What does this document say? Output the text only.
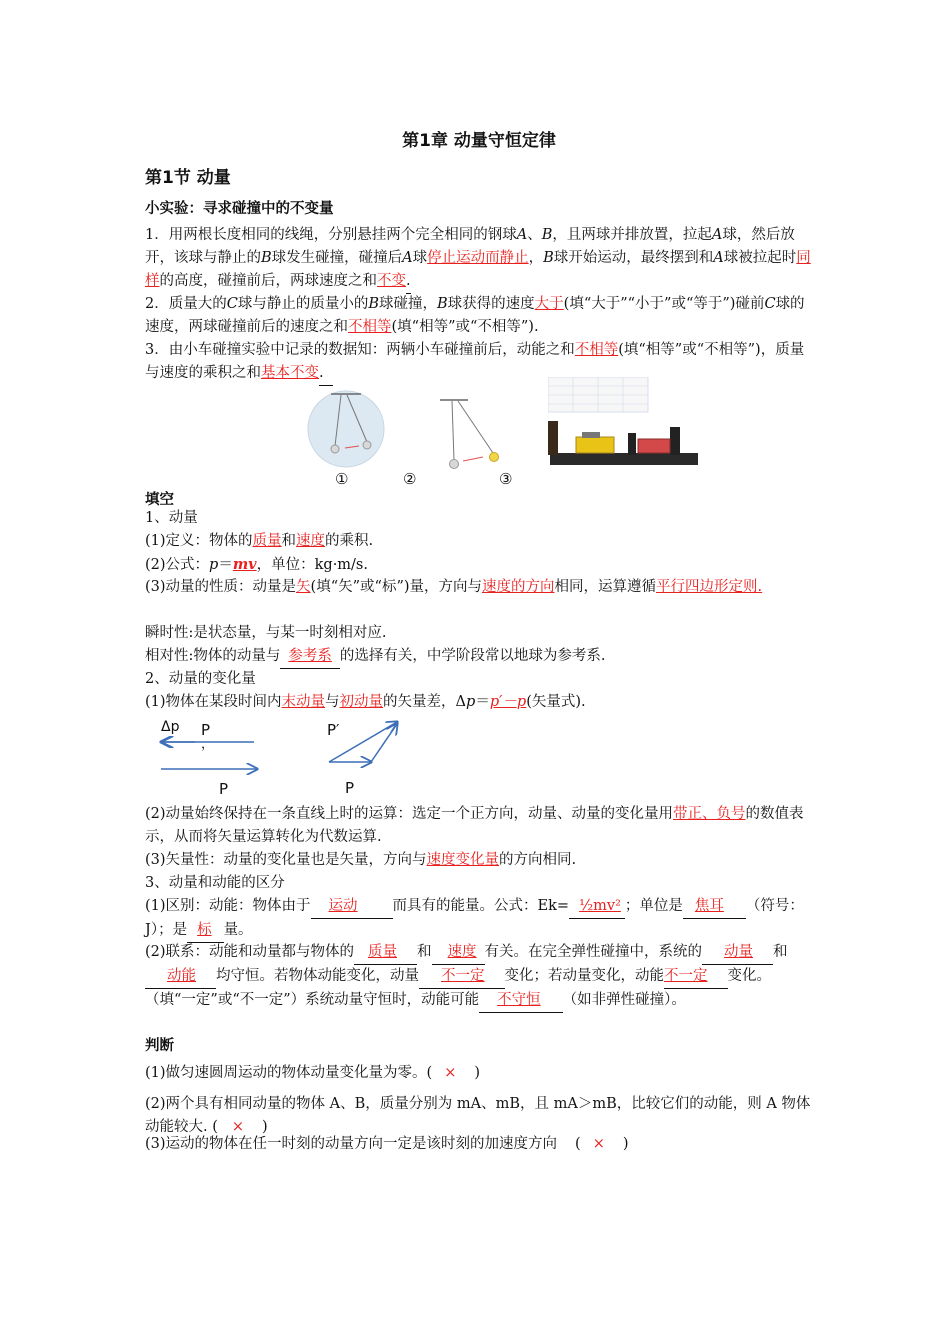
第1章 动量守恒定律
第1节 动量
小实验：寻求碰撞中的不变量
1．用两根长度相同的线绳，分别悬挂两个完全相同的钢球A、B，且两球并排放置，拉起A球，然后放开，该球与静止的B球发生碰撞，碰撞后A球停止运动而静止，B球开始运动，最终摆到和A球被拉起时同样的高度，碰撞前后，两球速度之和不变.
2．质量大的C球与静止的质量小的B球碰撞，B球获得的速度大于(填“大于”“小于”或“等于”)碰前C球的速度，两球碰撞前后的速度之和不相等(填“相等”或“不相等”).
3．由小车碰撞实验中记录的数据知：两辆小车碰撞前后，动能之和不相等(填“相等”或“不相等”)，质量与速度的乘积之和基本不变.
①	②	③
填空
1、动量
(1)定义：物体的质量和速度的乘积.
(2)公式：p＝mv，单位：kg·m/s.
(3)动量的性质：动量是矢(填“矢”或“标”)量，方向与速度的方向相同，运算遵循平行四边形定则.
瞬时性:是状态量，与某一时刻相对应.
相对性:物体的动量与 参考系 的选择有关，中学阶段常以地球为参考系.
2、动量的变化量
(1)物体在某段时间内末动量与初动量的矢量差，Δp＝p′－p(矢量式).
Δp	P
，
P
P′
P
(2)动量始终保持在一条直线上时的运算：选定一个正方向，动量、动量的变化量用带正、负号的数值表示，从而将矢量运算转化为代数运算.
(3)矢量性：动量的变化量也是矢量，方向与速度变化量的方向相同.
3、动量和动能的区分
(1)区别：动能：物体由于 运动 而具有的能量。公式：Ek= ½mv² ；单位是 焦耳 （符号：J）；是 标 量。
(2)联系：动能和动量都与物体的 质量 和 速度 有关。在完全弹性碰撞中，系统的 动量 和动能 均守恒。若物体动能变化，动量 不一定 变化；若动量变化，动能不一定 变化。（填“一定”或“不一定”）系统动量守恒时，动能可能 不守恒 （如非弹性碰撞）。
判断
(1)做匀速圆周运动的物体动量变化量为零。( × )
(2)两个具有相同动量的物体 A、B，质量分别为 mA、mB，且 mA＞mB，比较它们的动能，则 A 物体动能较大. ( × )
(3)运动的物体在任一时刻的动量方向一定是该时刻的加速度方向 ( × )
